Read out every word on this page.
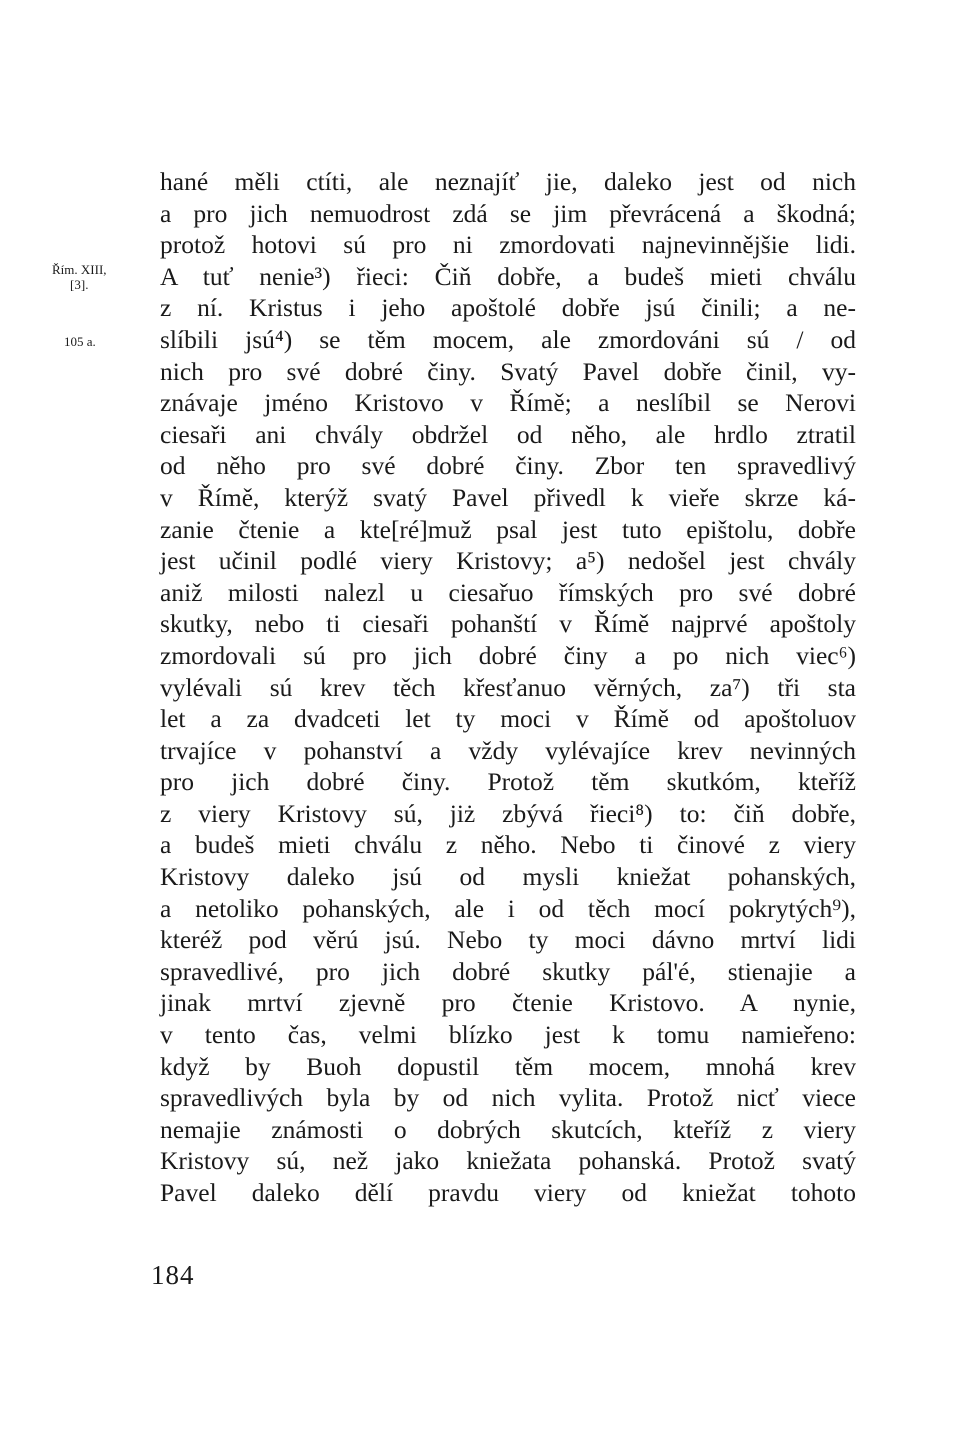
Řím. XIII,
[3].
105 a.
hané měli ctíti, ale neznajíť jie, daleko jest od nich
a pro jich nemuodrost zdá se jim převrácená a škodná;
protož hotovi sú pro ni zmordovati najnevinnějšie lidi.
A tuť nenie³) řieci: Čiň dobře, a budeš mieti chválu
z ní. Kristus i jeho apoštolé dobře jsú činili; a ne-
slíbili jsú⁴) se těm mocem, ale zmordováni sú / od
nich pro své dobré činy. Svatý Pavel dobře činil, vy-
znávaje jméno Kristovo v Římě; a neslíbil se Nerovi
ciesaři ani chvály obdržel od něho, ale hrdlo ztratil
od něho pro své dobré činy. Zbor ten spravedlivý
v Římě, kterýž svatý Pavel přivedl k vieře skrze ká-
zanie čtenie a kte[ré]muž psal jest tuto epištolu, dobře
jest učinil podlé viery Kristovy; a⁵) nedošel jest chvály
aniž milosti nalezl u ciesařuo římských pro své dobré
skutky, nebo ti ciesaři pohanští v Římě najprvé apoštoly
zmordovali sú pro jich dobré činy a po nich viec⁶)
vylévali sú krev těch křesťanuo věrných, za⁷) tři sta
let a za dvadceti let ty moci v Římě od apoštoluov
trvajíce v pohanství a vždy vylévajíce krev nevinných
pro jich dobré činy. Protož těm skutkóm, kteříž
z viery Kristovy sú, jiż zbývá řieci⁸) to: čiň dobře,
a budeš mieti chválu z něho. Nebo ti činové z viery
Kristovy daleko jsú od mysli kniežat pohanských,
a netoliko pohanských, ale i od těch mocí pokrytých⁹),
kteréž pod věrú jsú. Nebo ty moci dávno mrtví lidi
spravedlivé, pro jich dobré skutky pál'é, stienajie a
jinak mrtví zjevně pro čtenie Kristovo. A nynie,
v tento čas, velmi blízko jest k tomu namieřeno:
když by Buoh dopustil těm mocem, mnohá krev
spravedlivých byla by od nich vylita. Protož nicť viece
nemajie známosti o dobrých skutcích, kteříž z viery
Kristovy sú, než jako kniežata pohanská. Protož svatý
Pavel daleko dělí pravdu viery od kniežat tohoto
184
